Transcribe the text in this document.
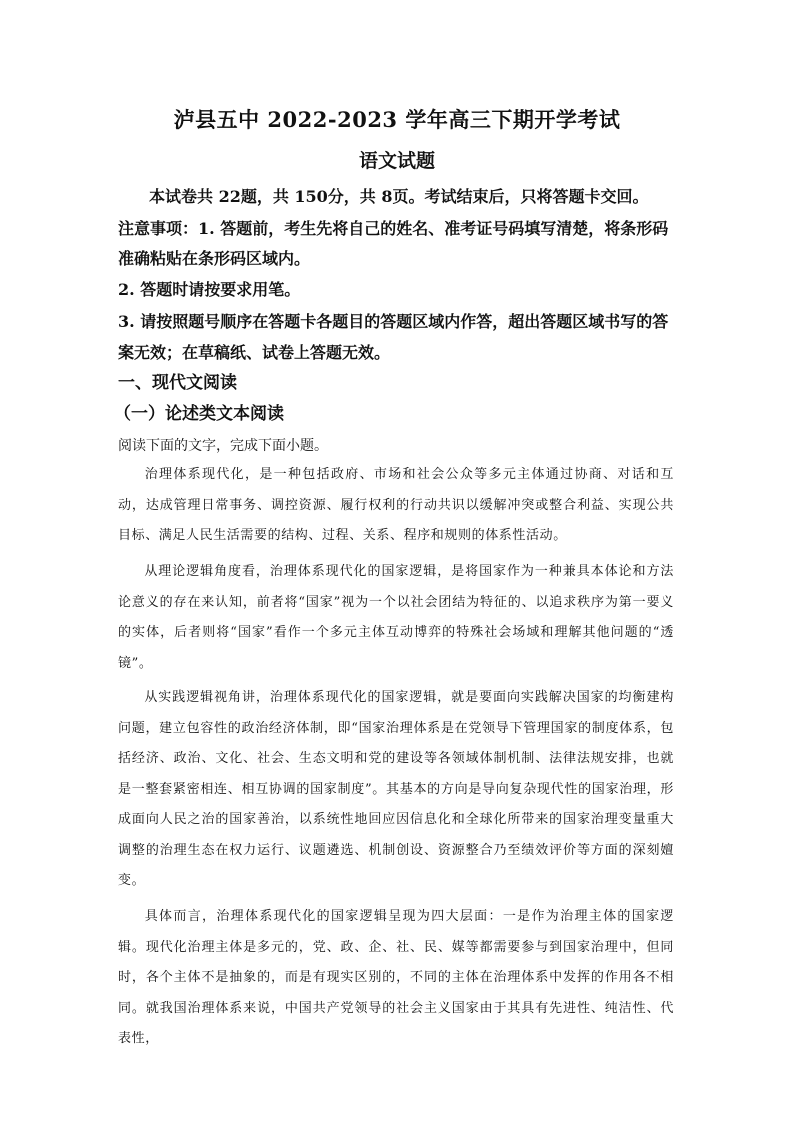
泸县五中 2022-2023 学年高三下期开学考试
语文试题
本试卷共 22题，共 150分，共 8页。考试结束后，只将答题卡交回。
注意事项：1. 答题前，考生先将自己的姓名、准考证号码填写清楚，将条形码
准确粘贴在条形码区域内。
2. 答题时请按要求用笔。
3. 请按照题号顺序在答题卡各题目的答题区域内作答，超出答题区域书写的答
案无效；在草稿纸、试卷上答题无效。
一、现代文阅读
（一）论述类文本阅读
阅读下面的文字，完成下面小题。
治理体系现代化，是一种包括政府、市场和社会公众等多元主体通过协商、对话和互动，达成管理日常事务、调控资源、履行权利的行动共识以缓解冲突或整合利益、实现公共目标、满足人民生活需要的结构、过程、关系、程序和规则的体系性活动。
从理论逻辑角度看，治理体系现代化的国家逻辑，是将国家作为一种兼具本体论和方法论意义的存在来认知，前者将“国家”视为一个以社会团结为特征的、以追求秩序为第一要义的实体，后者则将“国家”看作一个多元主体互动博弈的特殊社会场域和理解其他问题的“透镜”。
从实践逻辑视角讲，治理体系现代化的国家逻辑，就是要面向实践解决国家的均衡建构问题，建立包容性的政治经济体制，即“国家治理体系是在党领导下管理国家的制度体系，包括经济、政治、文化、社会、生态文明和党的建设等各领域体制机制、法律法规安排，也就是一整套紧密相连、相互协调的国家制度”。其基本的方向是导向复杂现代性的国家治理，形成面向人民之治的国家善治，以系统性地回应因信息化和全球化所带来的国家治理变量重大调整的治理生态在权力运行、议题遴选、机制创设、资源整合乃至绩效评价等方面的深刻嬗变。
具体而言，治理体系现代化的国家逻辑呈现为四大层面：一是作为治理主体的国家逻辑。现代化治理主体是多元的，党、政、企、社、民、媒等都需要参与到国家治理中，但同时，各个主体不是抽象的，而是有现实区别的，不同的主体在治理体系中发挥的作用各不相同。就我国治理体系来说，中国共产党领导的社会主义国家由于其具有先进性、纯洁性、代表性，
